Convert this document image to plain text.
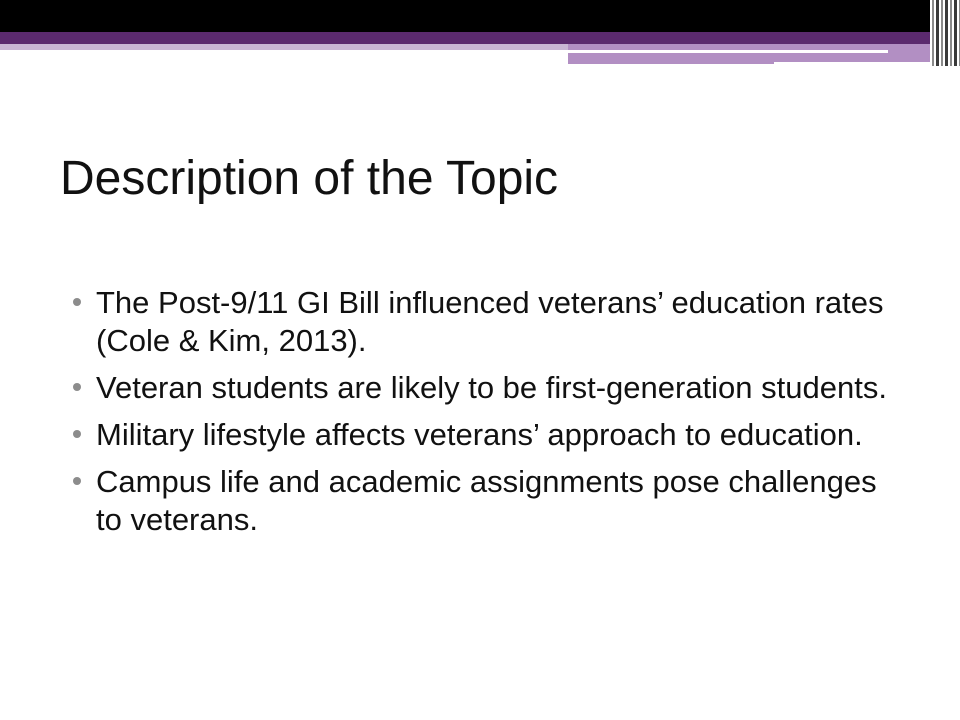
Description of the Topic
The Post-9/11 GI Bill influenced veterans’ education rates (Cole & Kim, 2013).
Veteran students are likely to be first-generation students.
Military lifestyle affects veterans’ approach to education.
Campus life and academic assignments pose challenges to veterans.
